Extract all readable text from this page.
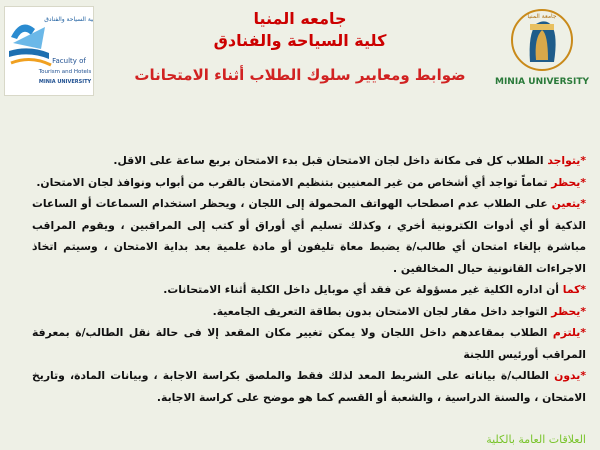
كلية السياحة والفنادق
Faculty of
Tourism and Hotels
MINIA UNIVERSITY
جامعة المنيا
MINIA UNIVERSITY
جامعه المنيا
كلية السياحة والفنادق
ضوابط ومعايير سلوك الطلاب أثناء الامتحانات

*يتواجد الطلاب كل فى مكانة داخل لجان الامتحان قبل بدء الامتحان بربع ساعة على الاقل.

*يحظر تماماً تواجد أي أشخاص من غير المعنيين بتنظيم الامتحان بالقرب من أبواب ونوافذ لجان الامتحان.

*يتعين على الطلاب عدم اصطحاب الهواتف المحمولة إلى اللجان ، ويحظر استخدام السماعات أو الساعات الذكية أو أي أدوات الكترونية أخري ، وكذلك تسليم أي أوراق أو كتب إلى المراقبين ، ويقوم المراقب مباشرة بإلغاء امتحان أي طالب/ة يضبط معاة تليفون أو مادة علمية بعد بداية الامتحان ، وسيتم اتخاذ الاجراءات القانونية حيال المخالفين .

*كما أن اداره الكلية غير مسؤولة عن فقد أي موبايل داخل الكلية أثناء الامتحانات.

*يحظر التواجد داخل مقار لجان الامتحان بدون بطاقة التعريف الجامعية.

*يلتزم الطلاب بمقاعدهم داخل اللجان ولا يمكن تغيير مكان المقعد إلا فى حالة نقل الطالب/ة بمعرفة المراقب أورئيس اللجنة

*يدون الطالب/ة بياناته على الشريط المعد لذلك فقط والملصق بكراسة الاجابة ، وبيانات المادة، وتاريخ الامتحان ، والسنة الدراسية ، والشعبة أو القسم كما هو موضح على كراسة الاجابة.

العلاقات العامة بالكلية
